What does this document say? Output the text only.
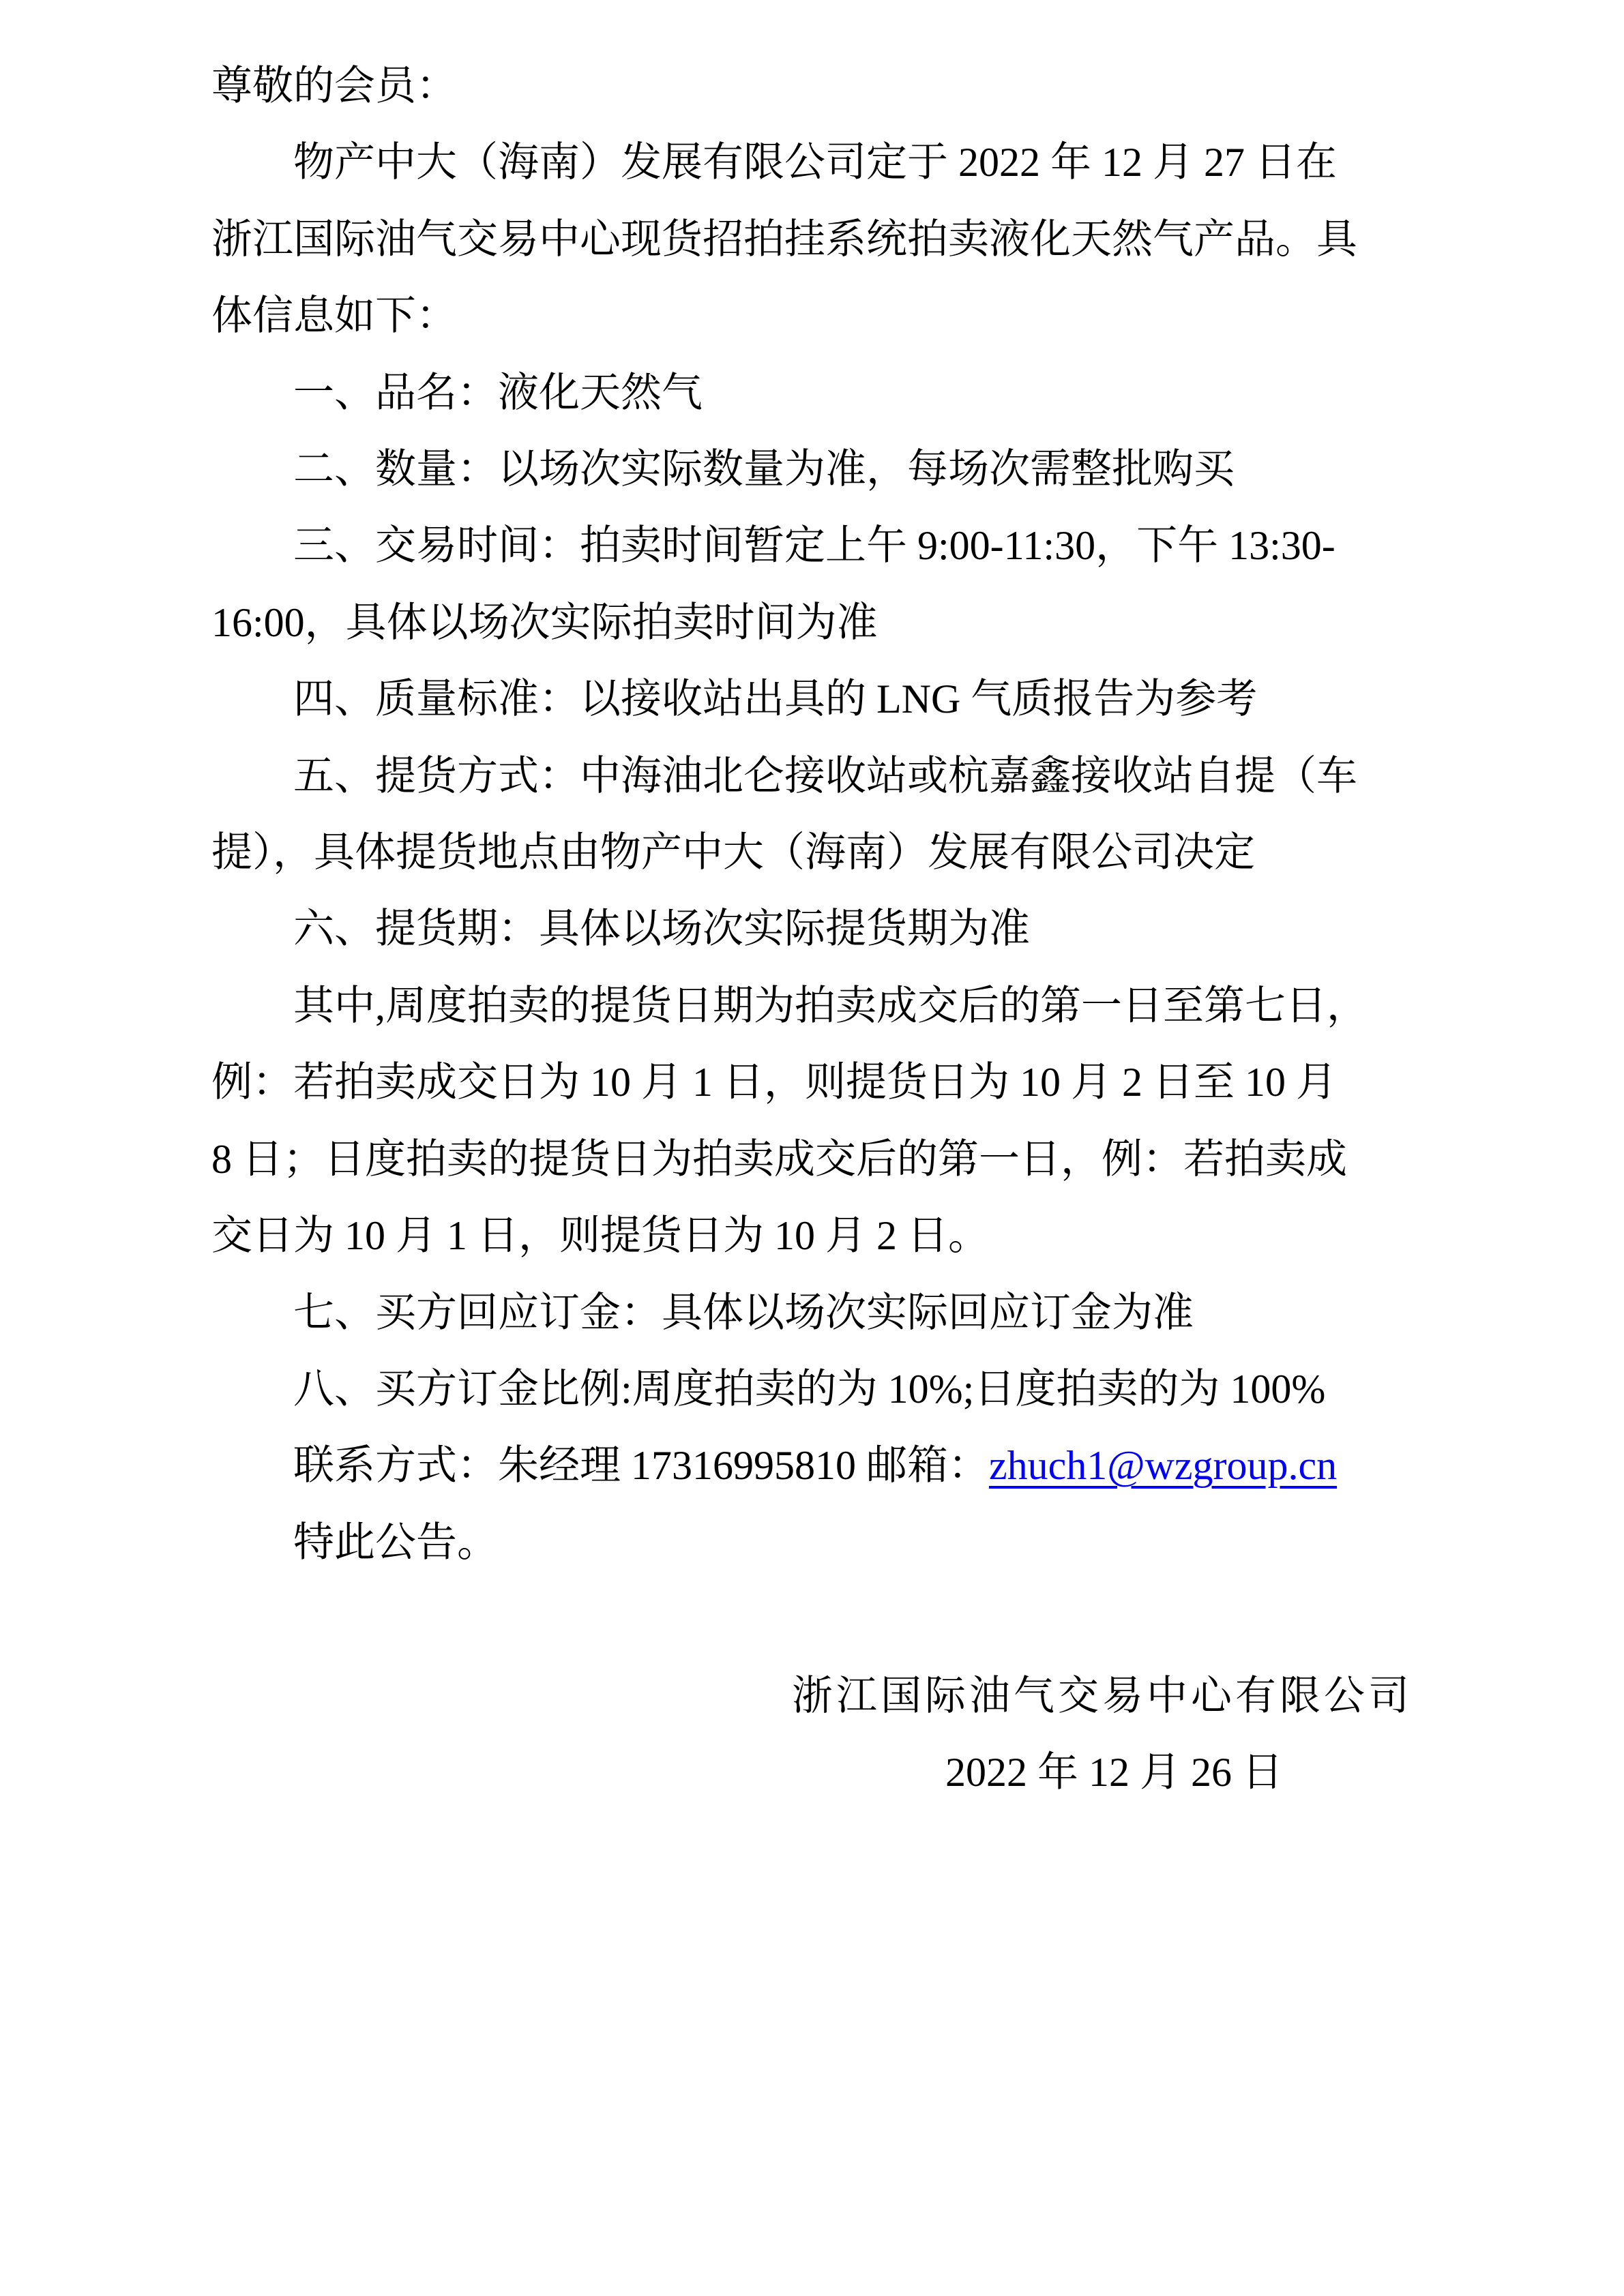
尊敬的会员：
物产中大（海南）发展有限公司定于 2022 年 12 月 27 日在
浙江国际油气交易中心现货招拍挂系统拍卖液化天然气产品。具
体信息如下：
一、品名：液化天然气
二、数量：以场次实际数量为准，每场次需整批购买
三、交易时间：拍卖时间暂定上午 9:00-11:30，下午 13:30-
16:00，具体以场次实际拍卖时间为准
四、质量标准：以接收站出具的 LNG 气质报告为参考
五、提货方式：中海油北仑接收站或杭嘉鑫接收站自提（车
提），具体提货地点由物产中大（海南）发展有限公司决定
六、提货期：具体以场次实际提货期为准
其中,周度拍卖的提货日期为拍卖成交后的第一日至第七日，
例：若拍卖成交日为 10 月 1 日，则提货日为 10 月 2 日至 10 月
8 日；日度拍卖的提货日为拍卖成交后的第一日，例：若拍卖成
交日为 10 月 1 日，则提货日为 10 月 2 日。
七、买方回应订金：具体以场次实际回应订金为准
八、买方订金比例:周度拍卖的为 10%;日度拍卖的为 100%
联系方式：朱经理 17316995810 邮箱：zhuch1@wzgroup.cn
特此公告。
浙江国际油气交易中心有限公司
2022 年 12 月 26 日
